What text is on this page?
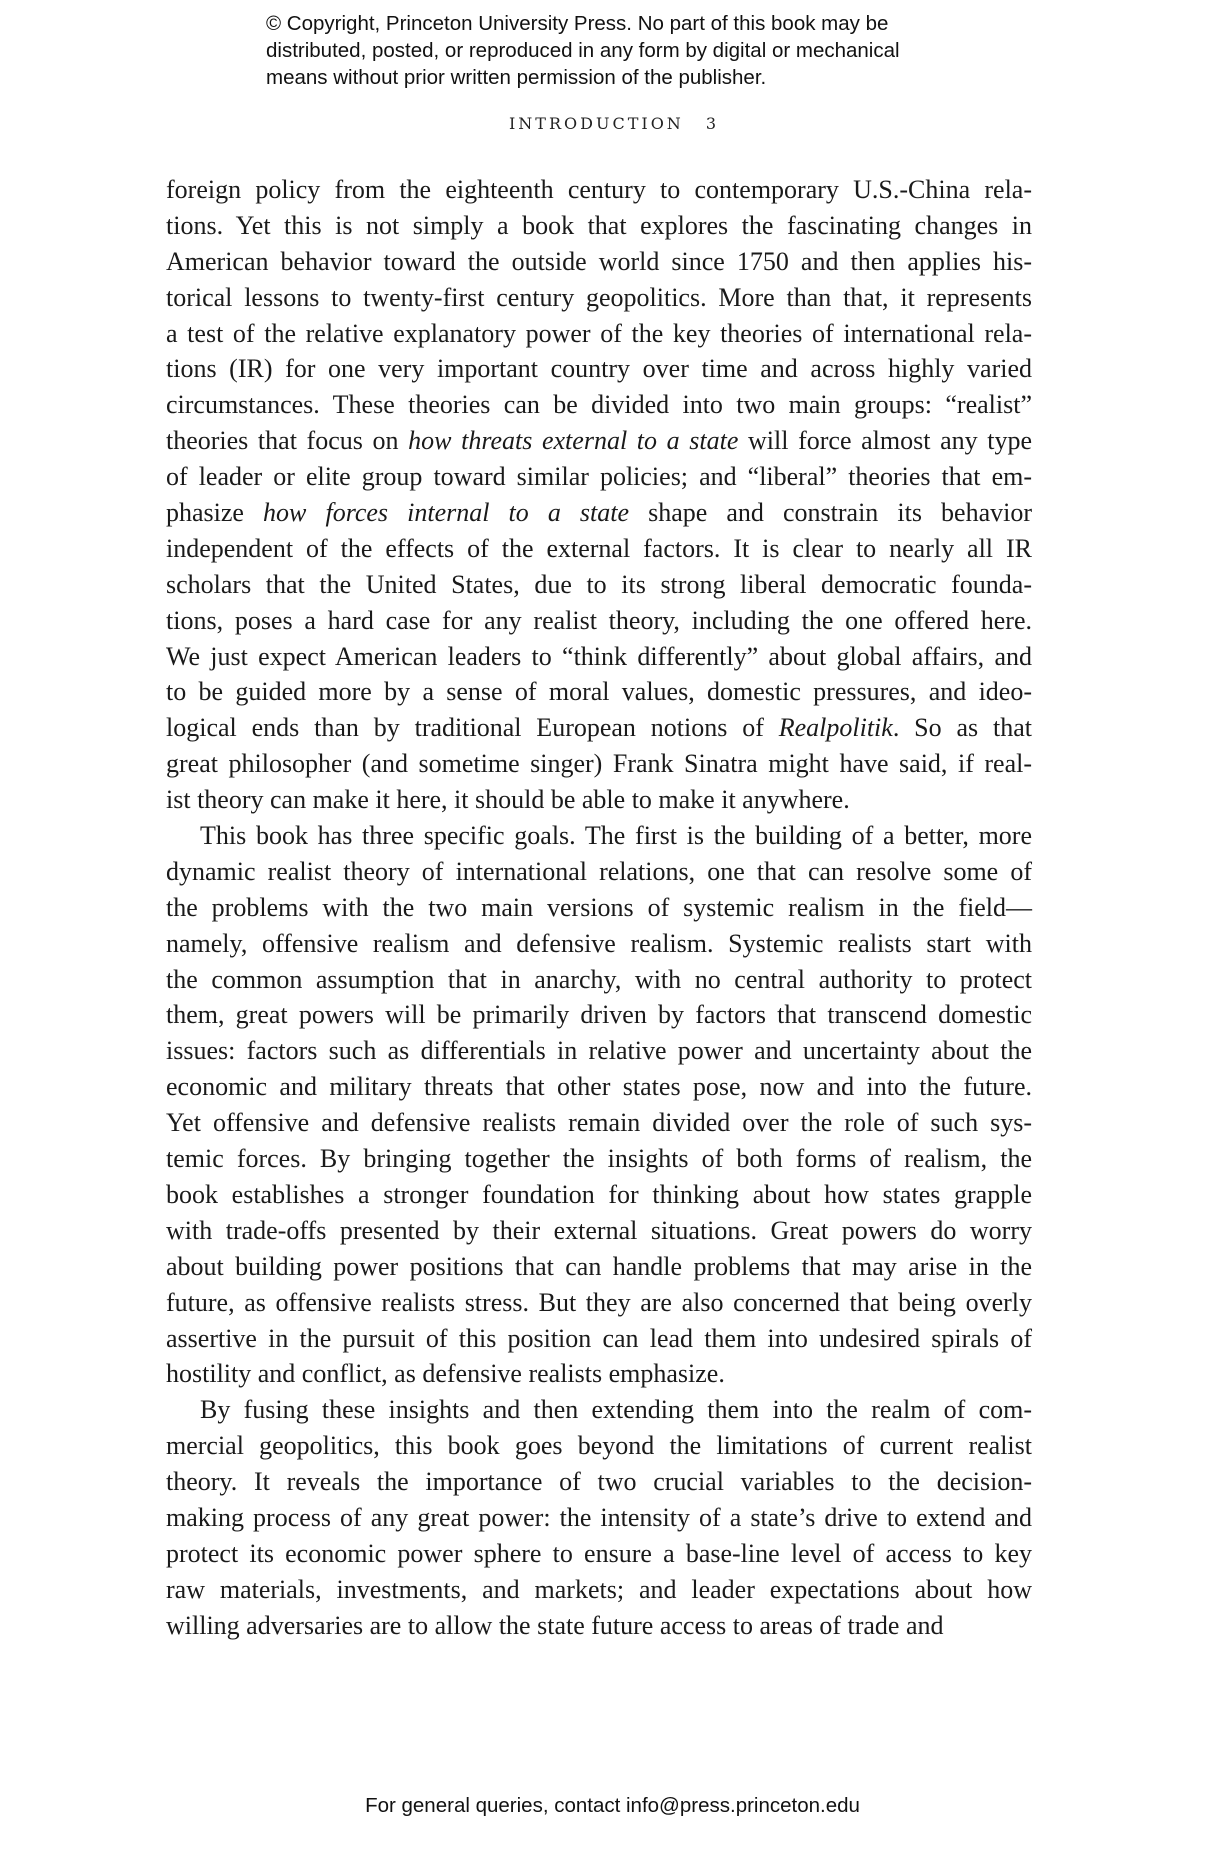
© Copyright, Princeton University Press. No part of this book may be
distributed, posted, or reproduced in any form by digital or mechanical
means without prior written permission of the publisher.
INTRODUCTION 3
foreign policy from the eighteenth century to contemporary U.S.-China rela-
tions. Yet this is not simply a book that explores the fascinating changes in
American behavior toward the outside world since 1750 and then applies his-
torical lessons to twenty-first century geopolitics. More than that, it represents
a test of the relative explanatory power of the key theories of international rela-
tions (IR) for one very important country over time and across highly varied
circumstances. These theories can be divided into two main groups: “realist”
theories that focus on how threats external to a state will force almost any type
of leader or elite group toward similar policies; and “liberal” theories that em-
phasize how forces internal to a state shape and constrain its behavior
independent of the effects of the external factors. It is clear to nearly all IR
scholars that the United States, due to its strong liberal democratic founda-
tions, poses a hard case for any realist theory, including the one offered here.
We just expect American leaders to “think differently” about global affairs, and
to be guided more by a sense of moral values, domestic pressures, and ideo-
logical ends than by traditional European notions of Realpolitik. So as that
great philosopher (and sometime singer) Frank Sinatra might have said, if real-
ist theory can make it here, it should be able to make it anywhere.
This book has three specific goals. The first is the building of a better, more
dynamic realist theory of international relations, one that can resolve some of
the problems with the two main versions of systemic realism in the field—
namely, offensive realism and defensive realism. Systemic realists start with
the common assumption that in anarchy, with no central authority to protect
them, great powers will be primarily driven by factors that transcend domestic
issues: factors such as differentials in relative power and uncertainty about the
economic and military threats that other states pose, now and into the future.
Yet offensive and defensive realists remain divided over the role of such sys-
temic forces. By bringing together the insights of both forms of realism, the
book establishes a stronger foundation for thinking about how states grapple
with trade-offs presented by their external situations. Great powers do worry
about building power positions that can handle problems that may arise in the
future, as offensive realists stress. But they are also concerned that being overly
assertive in the pursuit of this position can lead them into undesired spirals of
hostility and conflict, as defensive realists emphasize.
By fusing these insights and then extending them into the realm of com-
mercial geopolitics, this book goes beyond the limitations of current realist
theory. It reveals the importance of two crucial variables to the decision-
making process of any great power: the intensity of a state’s drive to extend and
protect its economic power sphere to ensure a base-line level of access to key
raw materials, investments, and markets; and leader expectations about how
willing adversaries are to allow the state future access to areas of trade and
For general queries, contact info@press.princeton.edu
